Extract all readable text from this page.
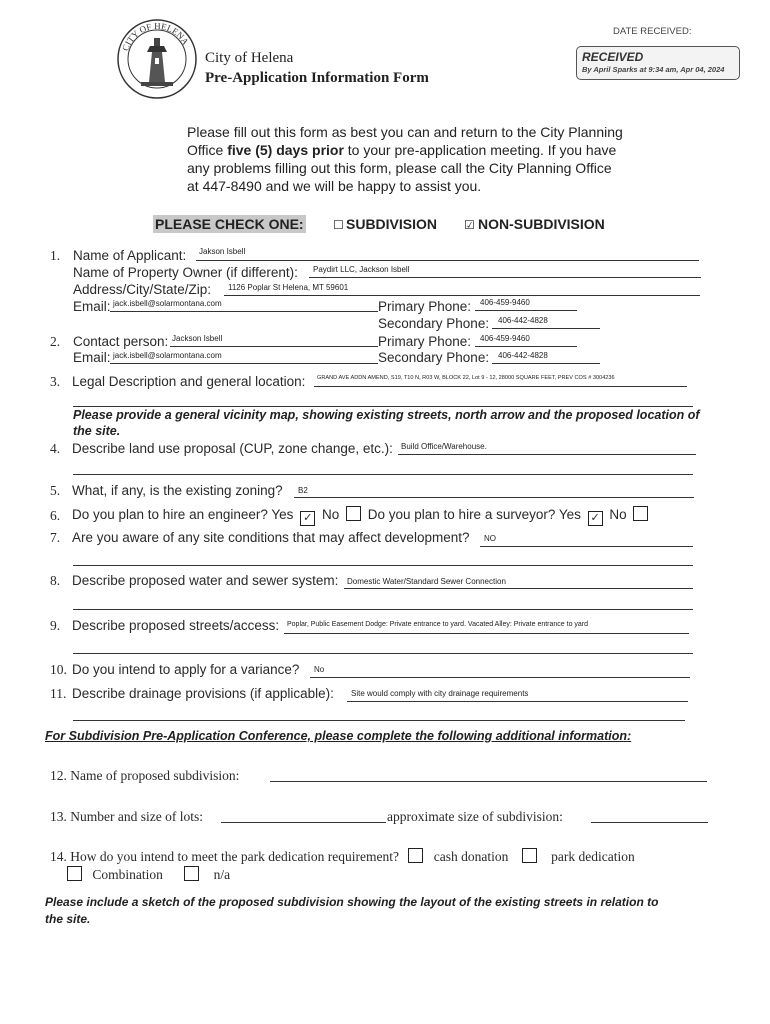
DATE RECEIVED:
RECEIVED
By April Sparks at 9:34 am, Apr 04, 2024
CITY OF HELENA
City of Helena
Pre-Application Information Form
Please fill out this form as best you can and return to the City Planning
Office five (5) days prior to your pre-application meeting. If you have
any problems filling out this form, please call the City Planning Office
at 447-8490 and we will be happy to assist you.
PLEASE CHECK ONE: ☐ SUBDIVISION ☑ NON-SUBDIVISION
1. Name of Applicant: Jakson Isbell
Name of Property Owner (if different): Paydirt LLC, Jackson Isbell
Address/City/State/Zip: 1126 Poplar St Helena, MT 59601
Email: jack.isbell@solarmontana.com	Primary Phone: 406-459-9460
Secondary Phone: 406-442-4828
2. Contact person: Jackson Isbell	Primary Phone: 406-459-9460
Email: jack.isbell@solarmontana.com	Secondary Phone: 406-442-4828
3. Legal Description and general location: GRAND AVE ADDN AMEND, S19, T10 N, R03 W, BLOCK 22, Lot 9 - 12, 28000 SQUARE FEET, PREV COS # 3004236
Please provide a general vicinity map, showing existing streets, north arrow and the proposed location of
the site.
4. Describe land use proposal (CUP, zone change, etc.): Build Office/Warehouse.
5. What, if any, is the existing zoning? B2
6. Do you plan to hire an engineer? Yes ✓ No Do you plan to hire a surveyor? Yes ✓ No
7. Are you aware of any site conditions that may affect development? NO
8. Describe proposed water and sewer system: Domestic Water/Standard Sewer Connection
9. Describe proposed streets/access: Poplar, Public Easement Dodge: Private entrance to yard. Vacated Alley: Private entrance to yard
10. Do you intend to apply for a variance? No
11. Describe drainage provisions (if applicable): Site would comply with city drainage requirements
For Subdivision Pre-Application Conference, please complete the following additional information:
12. Name of proposed subdivision:
13. Number and size of lots:	approximate size of subdivision:
14. How do you intend to meet the park dedication requirement?	cash donation	park dedication
Combination	n/a
Please include a sketch of the proposed subdivision showing the layout of the existing streets in relation to
the site.
